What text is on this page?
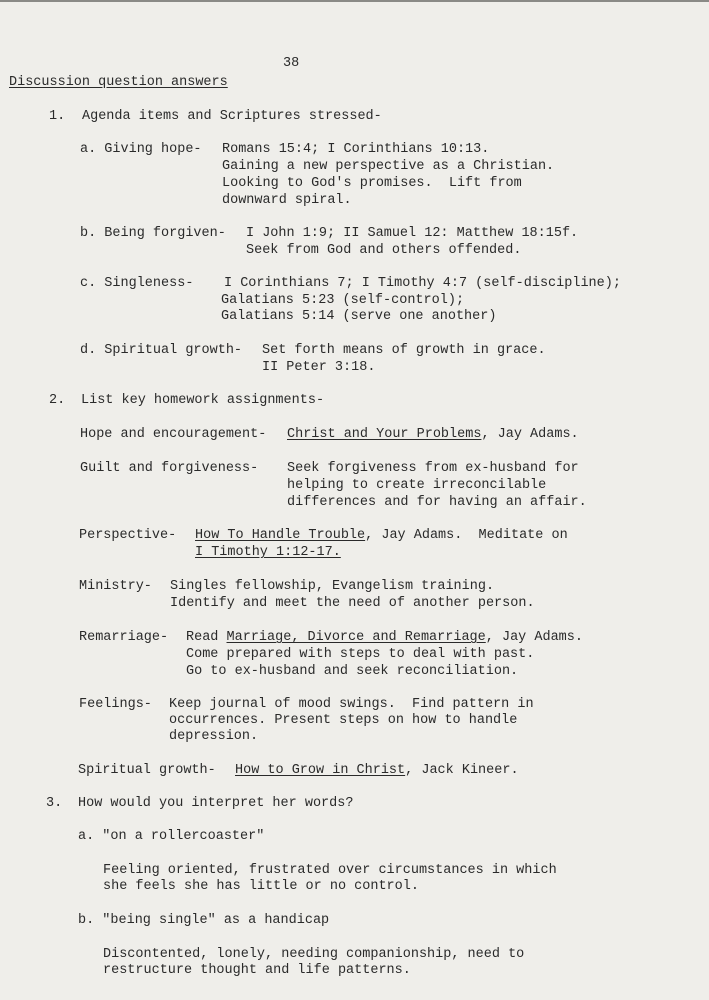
38
Discussion question answers
1. Agenda items and Scriptures stressed-
a. Giving hope- Romans 15:4; I Corinthians 10:13.
Gaining a new perspective as a Christian.
Looking to God's promises.  Lift from
downward spiral.
b. Being forgiven- I John 1:9; II Samuel 12: Matthew 18:15f.
Seek from God and others offended.
c. Singleness- I Corinthians 7; I Timothy 4:7 (self-discipline);
Galatians 5:23 (self-control);
Galatians 5:14 (serve one another)
d. Spiritual growth- Set forth means of growth in grace.
II Peter 3:18.
2. List key homework assignments-
Hope and encouragement- Christ and Your Problems, Jay Adams.
Guilt and forgiveness- Seek forgiveness from ex-husband for
helping to create irreconcilable
differences and for having an affair.
Perspective- How To Handle Trouble, Jay Adams.  Meditate on
I Timothy 1:12-17.
Ministry- Singles fellowship, Evangelism training.
Identify and meet the need of another person.
Remarriage- Read Marriage, Divorce and Remarriage, Jay Adams.
Come prepared with steps to deal with past.
Go to ex-husband and seek reconciliation.
Feelings- Keep journal of mood swings.  Find pattern in
occurrences. Present steps on how to handle
depression.
Spiritual growth- How to Grow in Christ, Jack Kineer.
3. How would you interpret her words?
a. "on a rollercoaster"
Feeling oriented, frustrated over circumstances in which
she feels she has little or no control.
b. "being single" as a handicap
Discontented, lonely, needing companionship, need to
restructure thought and life patterns.
